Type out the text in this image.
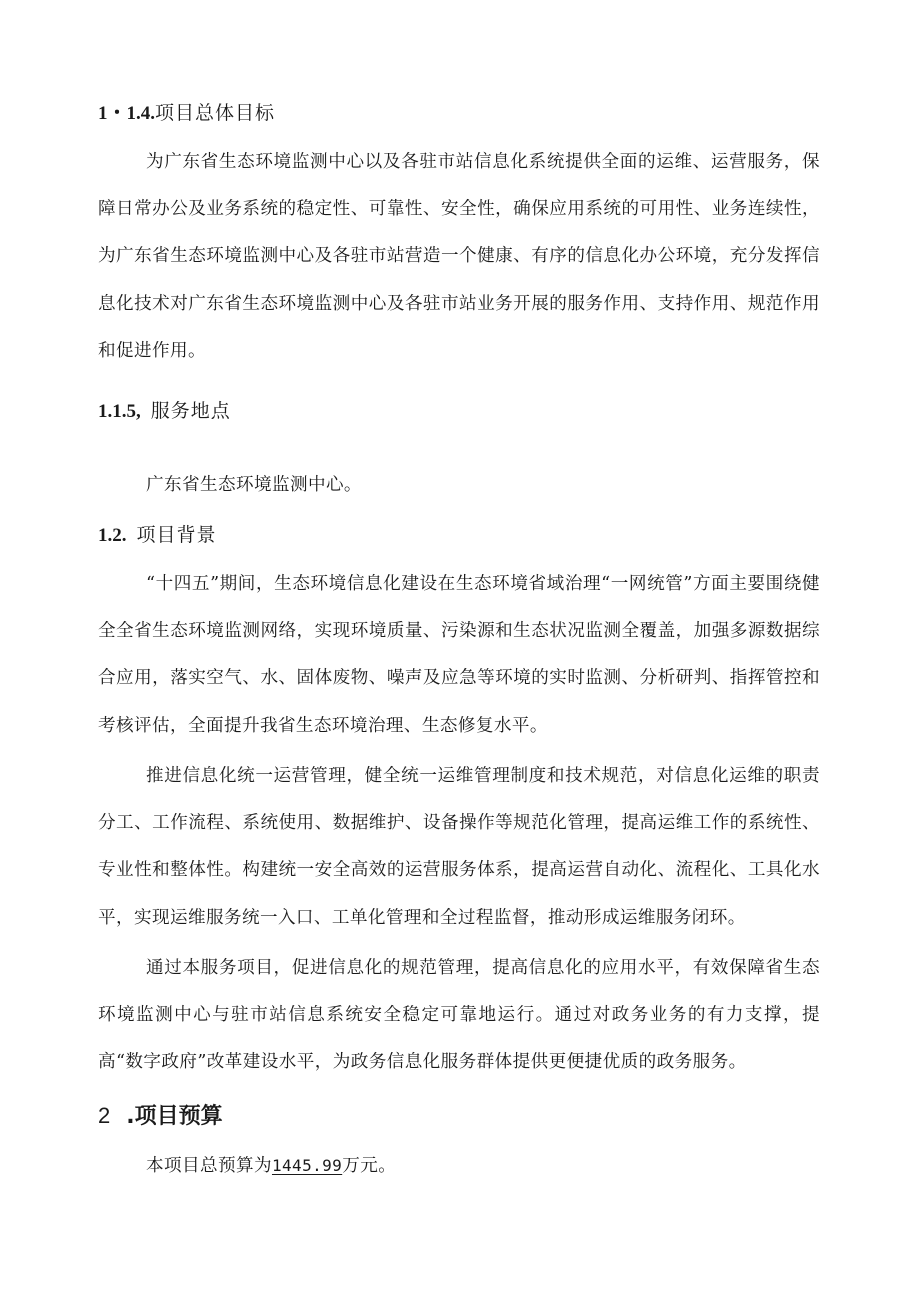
1・1.4.项目总体目标
为广东省生态环境监测中心以及各驻市站信息化系统提供全面的运维、运营服务，保障日常办公及业务系统的稳定性、可靠性、安全性，确保应用系统的可用性、业务连续性，为广东省生态环境监测中心及各驻市站营造一个健康、有序的信息化办公环境，充分发挥信息化技术对广东省生态环境监测中心及各驻市站业务开展的服务作用、支持作用、规范作用和促进作用。
1.1.5, 服务地点
广东省生态环境监测中心。
1.2. 项目背景
“十四五”期间，生态环境信息化建设在生态环境省域治理“一网统管”方面主要围绕健全全省生态环境监测网络，实现环境质量、污染源和生态状况监测全覆盖，加强多源数据综合应用，落实空气、水、固体废物、噪声及应急等环境的实时监测、分析研判、指挥管控和考核评估，全面提升我省生态环境治理、生态修复水平。
推进信息化统一运营管理，健全统一运维管理制度和技术规范，对信息化运维的职责分工、工作流程、系统使用、数据维护、设备操作等规范化管理，提高运维工作的系统性、专业性和整体性。构建统一安全高效的运营服务体系，提高运营自动化、流程化、工具化水平，实现运维服务统一入口、工单化管理和全过程监督，推动形成运维服务闭环。
通过本服务项目，促进信息化的规范管理，提高信息化的应用水平，有效保障省生态环境监测中心与驻市站信息系统安全稳定可靠地运行。通过对政务业务的有力支撑，提高“数字政府”改革建设水平，为政务信息化服务群体提供更便捷优质的政务服务。
2 .项目预算
本项目总预算为1445.99万元。
